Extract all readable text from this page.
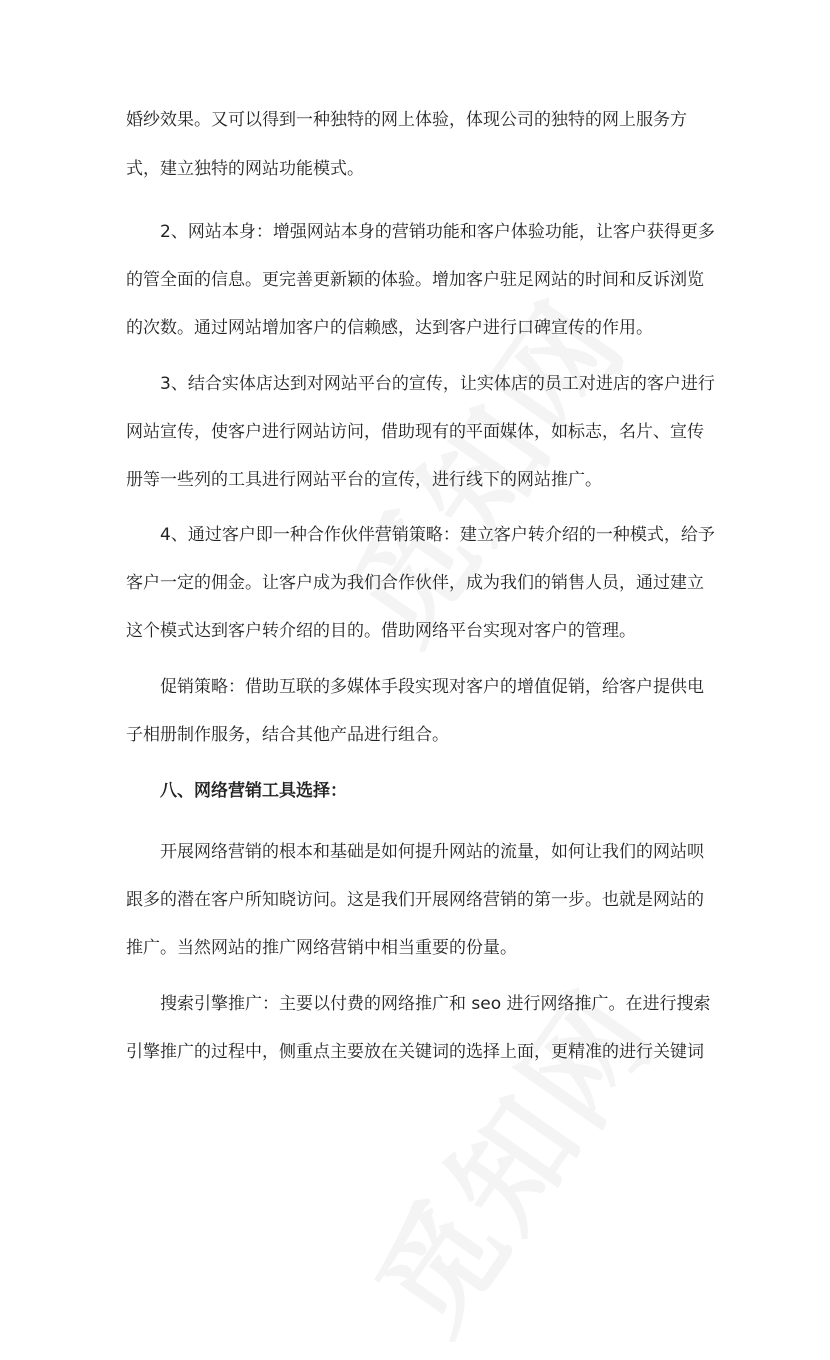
婚纱效果。又可以得到一种独特的网上体验，体现公司的独特的网上服务方
式，建立独特的网站功能模式。
2、网站本身：增强网站本身的营销功能和客户体验功能，让客户获得更多
的管全面的信息。更完善更新颖的体验。增加客户驻足网站的时间和反诉浏览
的次数。通过网站增加客户的信赖感，达到客户进行口碑宣传的作用。
3、结合实体店达到对网站平台的宣传，让实体店的员工对进店的客户进行
网站宣传，使客户进行网站访问，借助现有的平面媒体，如标志，名片、宣传
册等一些列的工具进行网站平台的宣传，进行线下的网站推广。
4、通过客户即一种合作伙伴营销策略：建立客户转介绍的一种模式，给予
客户一定的佣金。让客户成为我们合作伙伴，成为我们的销售人员，通过建立
这个模式达到客户转介绍的目的。借助网络平台实现对客户的管理。
促销策略：借助互联的多媒体手段实现对客户的增值促销，给客户提供电
子相册制作服务，结合其他产品进行组合。
八、网络营销工具选择：
开展网络营销的根本和基础是如何提升网站的流量，如何让我们的网站呗
跟多的潜在客户所知晓访问。这是我们开展网络营销的第一步。也就是网站的
推广。当然网站的推广网络营销中相当重要的份量。
搜索引擎推广：主要以付费的网络推广和 seo 进行网络推广。在进行搜索
引擎推广的过程中，侧重点主要放在关键词的选择上面，更精准的进行关键词
